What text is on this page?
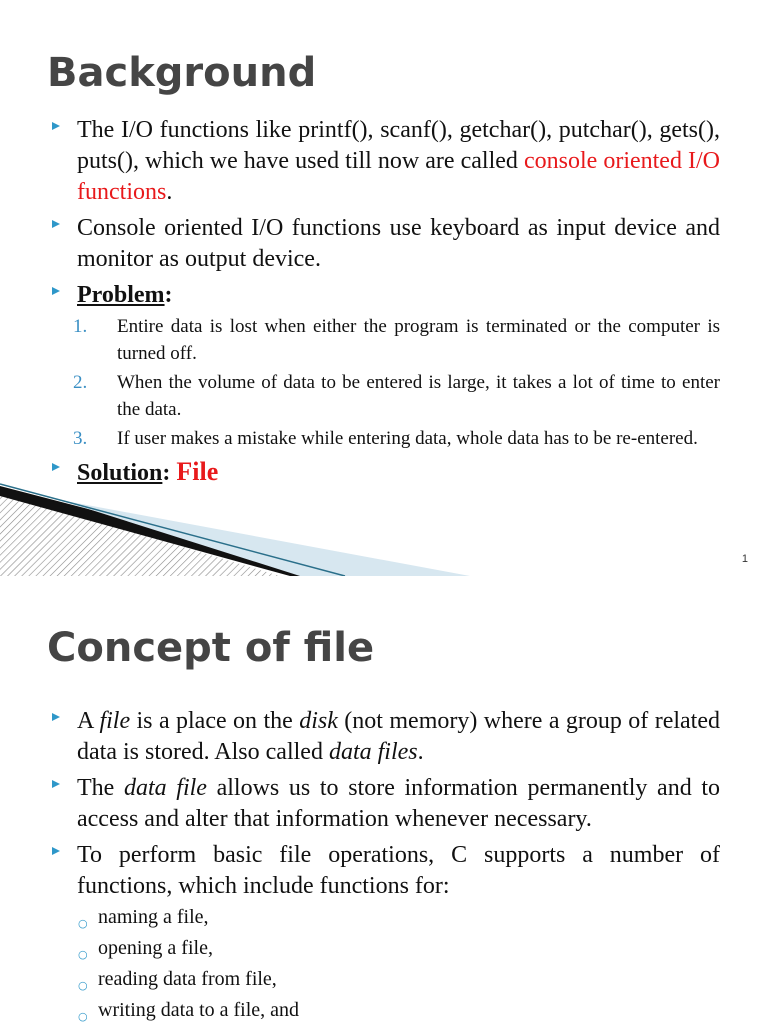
Background
The I/O functions like printf(), scanf(), getchar(), putchar(), gets(), puts(), which we have used till now are called console oriented I/O functions.
Console oriented I/O functions use keyboard as input device and monitor as output device.
Problem:
1. Entire data is lost when either the program is terminated or the computer is turned off.
2. When the volume of data to be entered is large, it takes a lot of time to enter the data.
3. If user makes a mistake while entering data, whole data has to be re-entered.
Solution: File
1
Concept of file
A file is a place on the disk (not memory) where a group of related data is stored. Also called data files.
The data file allows us to store information permanently and to access and alter that information whenever necessary.
To perform basic file operations, C supports a number of functions, which include functions for:
○ naming a file,
○ opening a file,
○ reading data from file,
○ writing data to a file, and
